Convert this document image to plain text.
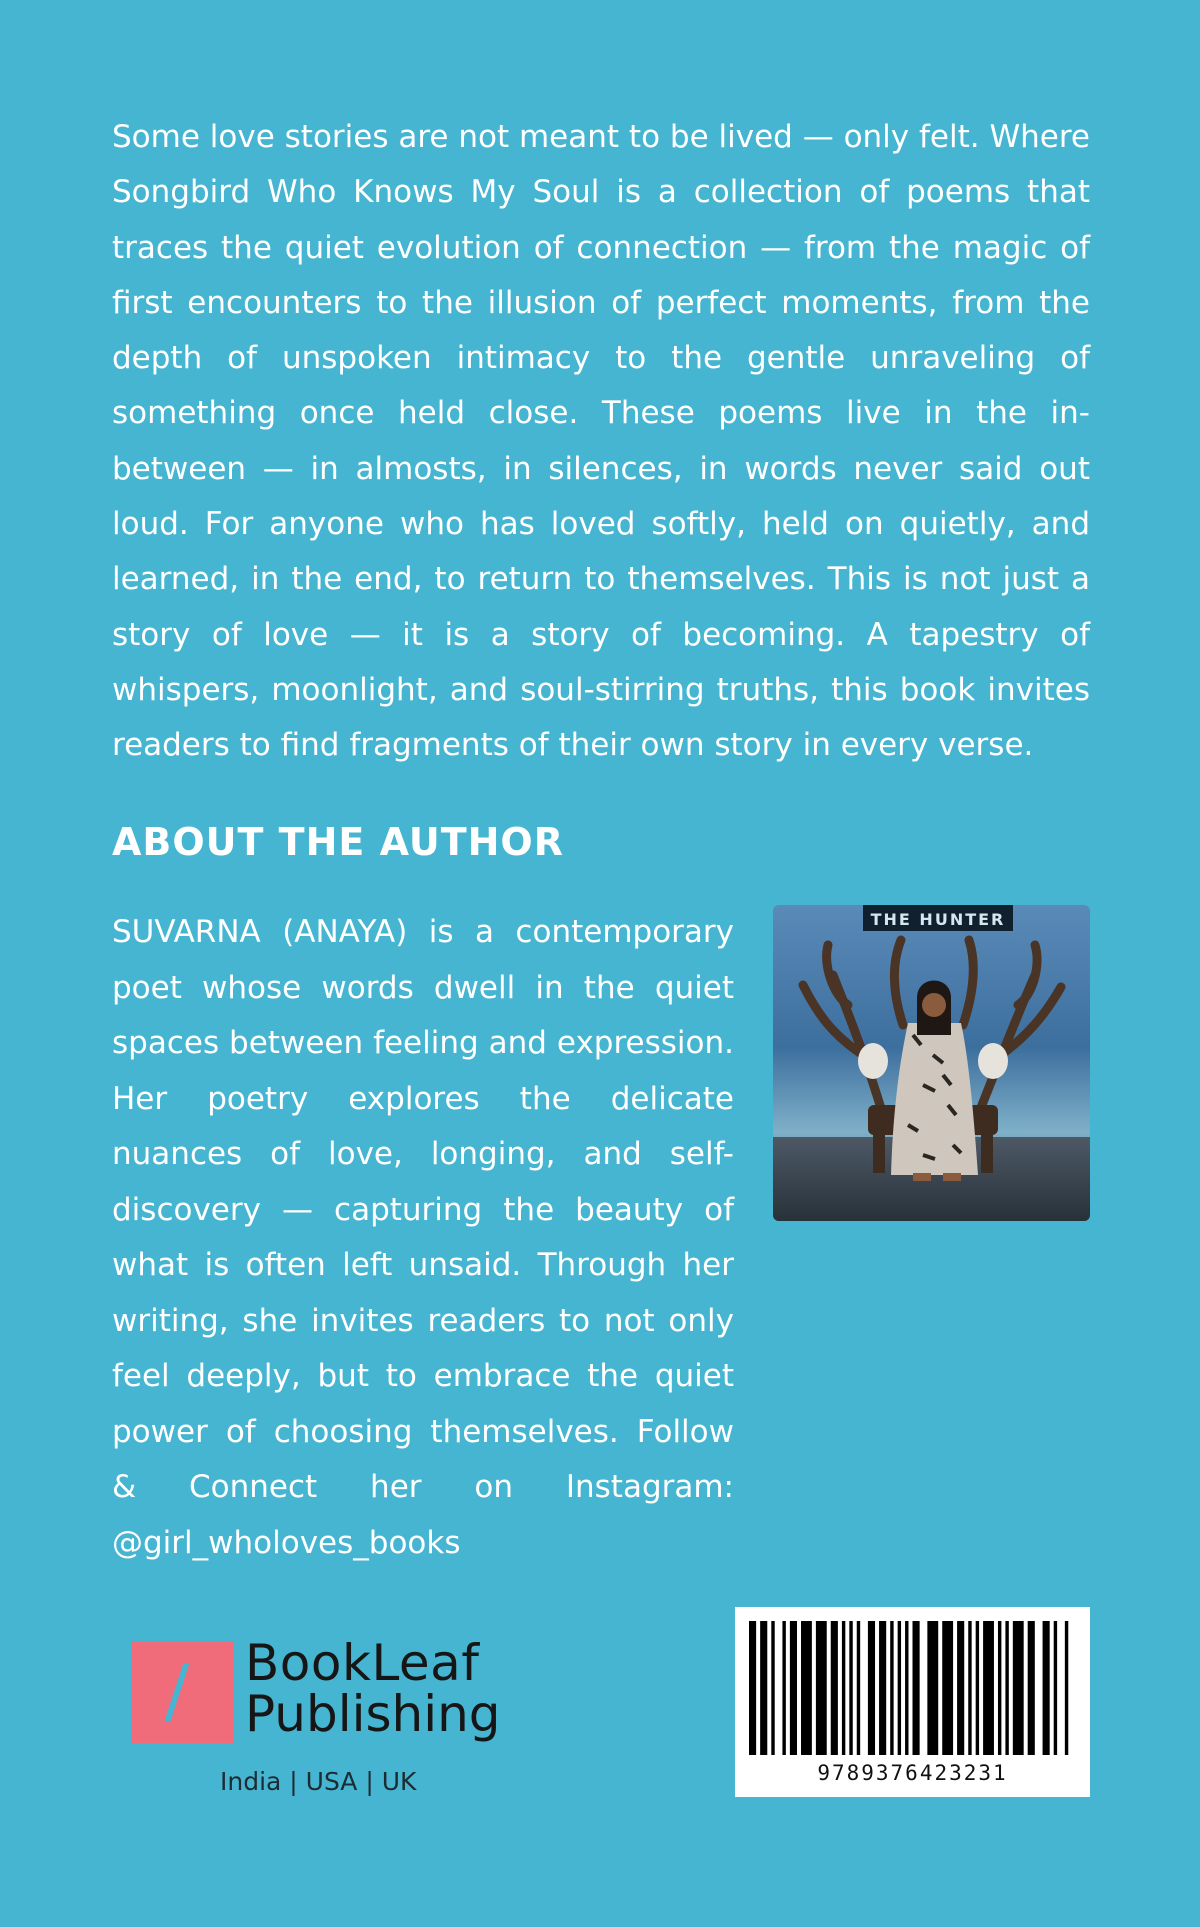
Some love stories are not meant to be lived — only felt. Where Songbird Who Knows My Soul is a collection of poems that traces the quiet evolution of connection — from the magic of first encounters to the illusion of perfect moments, from the depth of unspoken intimacy to the gentle unraveling of something once held close. These poems live in the in-between — in almosts, in silences, in words never said out loud. For anyone who has loved softly, held on quietly, and learned, in the end, to return to themselves. This is not just a story of love — it is a story of becoming. A tapestry of whispers, moonlight, and soul-stirring truths, this book invites readers to find fragments of their own story in every verse.

ABOUT THE AUTHOR

SUVARNA (ANAYA) is a contemporary poet whose words dwell in the quiet spaces between feeling and expression. Her poetry explores the delicate nuances of love, longing, and self-discovery — capturing the beauty of what is often left unsaid. Through her writing, she invites readers to not only feel deeply, but to embrace the quiet power of choosing themselves. Follow & Connect her on Instagram: @girl_wholoves_books

THE HUNTER
BookLeaf
Publishing
India | USA | UK	9789376423231
